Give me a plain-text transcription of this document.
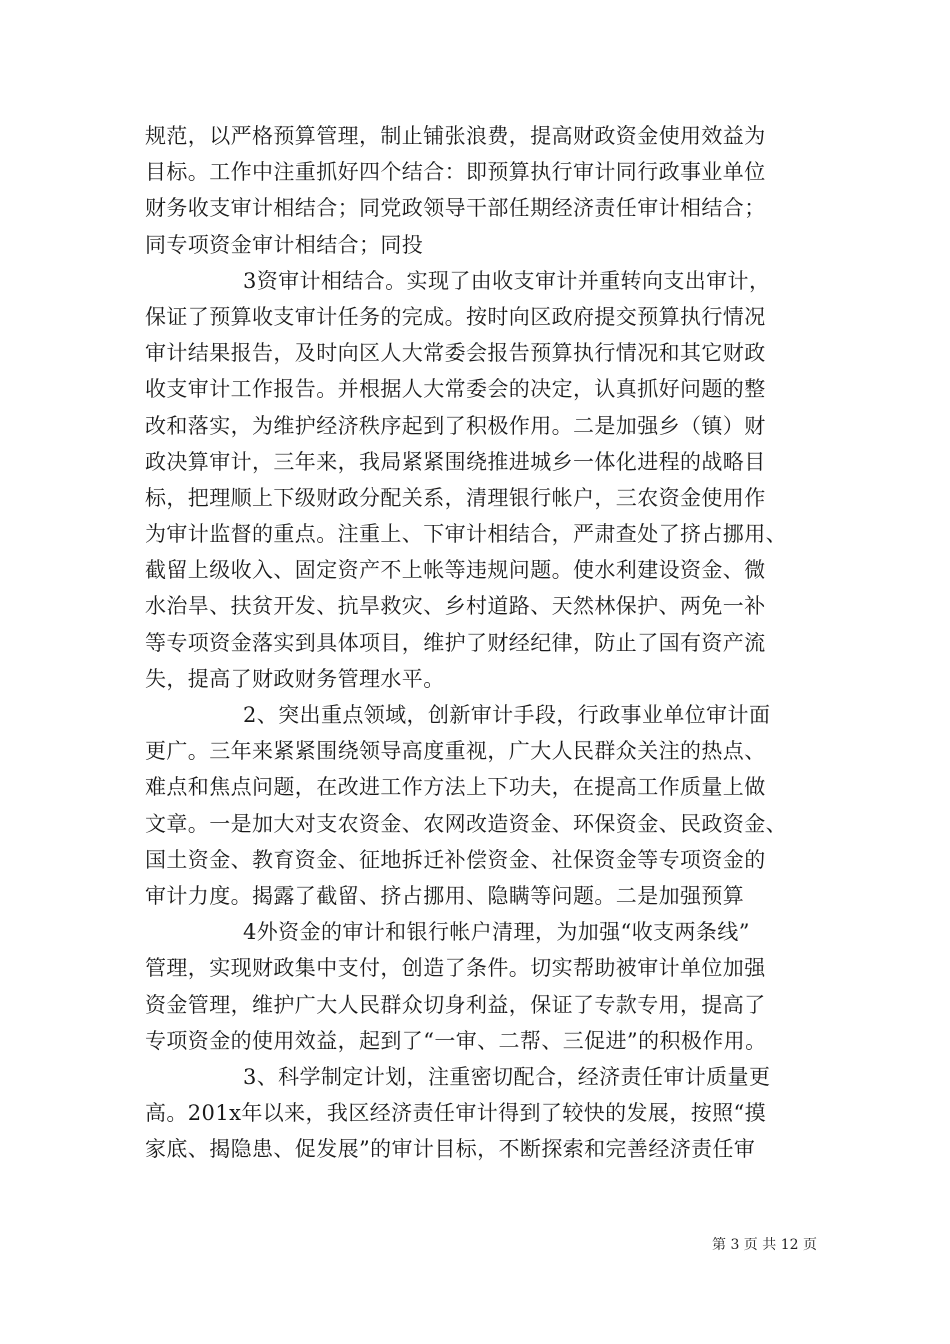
规范，以严格预算管理，制止铺张浪费，提高财政资金使用效益为
目标。工作中注重抓好四个结合：即预算执行审计同行政事业单位
财务收支审计相结合；同党政领导干部任期经济责任审计相结合；
同专项资金审计相结合；同投
3资审计相结合。实现了由收支审计并重转向支出审计，
保证了预算收支审计任务的完成。按时向区政府提交预算执行情况
审计结果报告，及时向区人大常委会报告预算执行情况和其它财政
收支审计工作报告。并根据人大常委会的决定，认真抓好问题的整
改和落实，为维护经济秩序起到了积极作用。二是加强乡（镇）财
政决算审计，三年来，我局紧紧围绕推进城乡一体化进程的战略目
标，把理顺上下级财政分配关系，清理银行帐户，三农资金使用作
为审计监督的重点。注重上、下审计相结合，严肃查处了挤占挪用、
截留上级收入、固定资产不上帐等违规问题。使水利建设资金、微
水治旱、扶贫开发、抗旱救灾、乡村道路、天然林保护、两免一补
等专项资金落实到具体项目，维护了财经纪律，防止了国有资产流
失，提高了财政财务管理水平。
2、突出重点领域，创新审计手段，行政事业单位审计面
更广。三年来紧紧围绕领导高度重视，广大人民群众关注的热点、
难点和焦点问题，在改进工作方法上下功夫，在提高工作质量上做
文章。一是加大对支农资金、农网改造资金、环保资金、民政资金、
国土资金、教育资金、征地拆迁补偿资金、社保资金等专项资金的
审计力度。揭露了截留、挤占挪用、隐瞒等问题。二是加强预算
4外资金的审计和银行帐户清理，为加强“收支两条线”
管理，实现财政集中支付，创造了条件。切实帮助被审计单位加强
资金管理，维护广大人民群众切身利益，保证了专款专用，提高了
专项资金的使用效益，起到了“一审、二帮、三促进”的积极作用。
3、科学制定计划，注重密切配合，经济责任审计质量更
高。201x年以来，我区经济责任审计得到了较快的发展，按照“摸
家底、揭隐患、促发展”的审计目标，不断探索和完善经济责任审
第 3 页 共 12 页
